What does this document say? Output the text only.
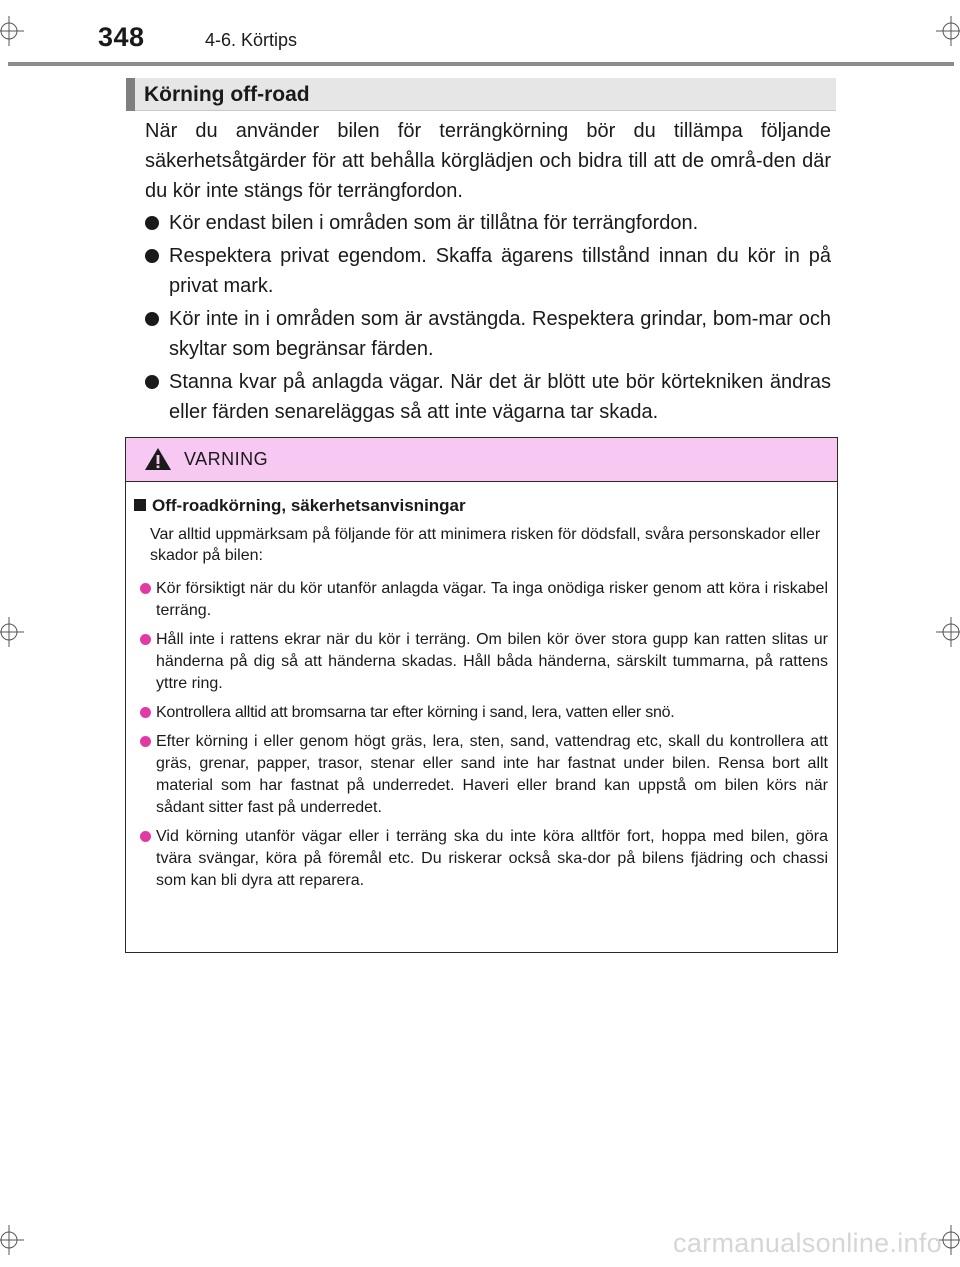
348	4-6. Körtips
Körning off-road
När du använder bilen för terrängkörning bör du tillämpa följande säkerhetsåtgärder för att behålla körglädjen och bidra till att de områ-den där du kör inte stängs för terrängfordon.
Kör endast bilen i områden som är tillåtna för terrängfordon.
Respektera privat egendom. Skaffa ägarens tillstånd innan du kör in på privat mark.
Kör inte in i områden som är avstängda. Respektera grindar, bom-mar och skyltar som begränsar färden.
Stanna kvar på anlagda vägar. När det är blött ute bör körtekniken ändras eller färden senareläggas så att inte vägarna tar skada.
VARNING
Off-roadkörning, säkerhetsanvisningar
Var alltid uppmärksam på följande för att minimera risken för dödsfall, svåra personskador eller skador på bilen:
Kör försiktigt när du kör utanför anlagda vägar. Ta inga onödiga risker genom att köra i riskabel terräng.
Håll inte i rattens ekrar när du kör i terräng. Om bilen kör över stora gupp kan ratten slitas ur händerna på dig så att händerna skadas. Håll båda händerna, särskilt tummarna, på rattens yttre ring.
Kontrollera alltid att bromsarna tar efter körning i sand, lera, vatten eller snö.
Efter körning i eller genom högt gräs, lera, sten, sand, vattendrag etc, skall du kontrollera att gräs, grenar, papper, trasor, stenar eller sand inte har fastnat under bilen. Rensa bort allt material som har fastnat på underredet. Haveri eller brand kan uppstå om bilen körs när sådant sitter fast på underredet.
Vid körning utanför vägar eller i terräng ska du inte köra alltför fort, hoppa med bilen, göra tvära svängar, köra på föremål etc. Du riskerar också ska-dor på bilens fjädring och chassi som kan bli dyra att reparera.
carmanualsonline.info
